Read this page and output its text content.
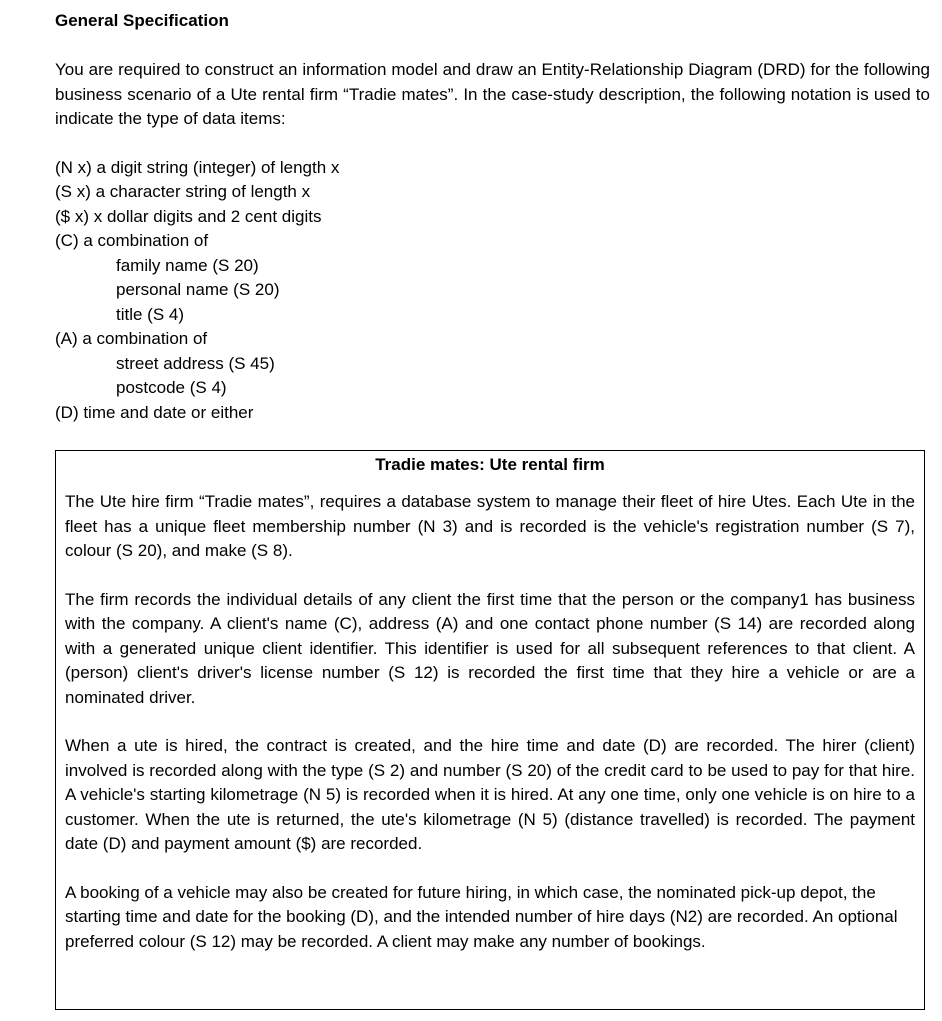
General Specification

You are required to construct an information model and draw an Entity-Relationship Diagram (DRD) for the following business scenario of a Ute rental firm “Tradie mates”. In the case-study description, the following notation is used to indicate the type of data items:

(N x) a digit string (integer) of length x
(S x) a character string of length x
($ x) x dollar digits and 2 cent digits
(C) a combination of
family name (S 20)
personal name (S 20)
title (S 4)
(A) a combination of
street address (S 45)
postcode (S 4)
(D) time and date or either
Tradie mates: Ute rental firm

The Ute hire firm “Tradie mates”, requires a database system to manage their fleet of hire Utes. Each Ute in the fleet has a unique fleet membership number (N 3) and is recorded is the vehicle's registration number (S 7), colour (S 20), and make (S 8).

The firm records the individual details of any client the first time that the person or the company1 has business with the company. A client's name (C), address (A) and one contact phone number (S 14) are recorded along with a generated unique client identifier. This identifier is used for all subsequent references to that client. A (person) client's driver's license number (S 12) is recorded the first time that they hire a vehicle or are a nominated driver.

When a ute is hired, the contract is created, and the hire time and date (D) are recorded. The hirer (client) involved is recorded along with the type (S 2) and number (S 20) of the credit card to be used to pay for that hire. A vehicle's starting kilometrage (N 5) is recorded when it is hired. At any one time, only one vehicle is on hire to a customer. When the ute is returned, the ute's kilometrage (N 5) (distance travelled) is recorded. The payment date (D) and payment amount ($) are recorded.

A booking of a vehicle may also be created for future hiring, in which case, the nominated pick-up depot, the starting time and date for the booking (D), and the intended number of hire days (N2) are recorded. An optional preferred colour (S 12) may be recorded. A client may make any number of bookings.
